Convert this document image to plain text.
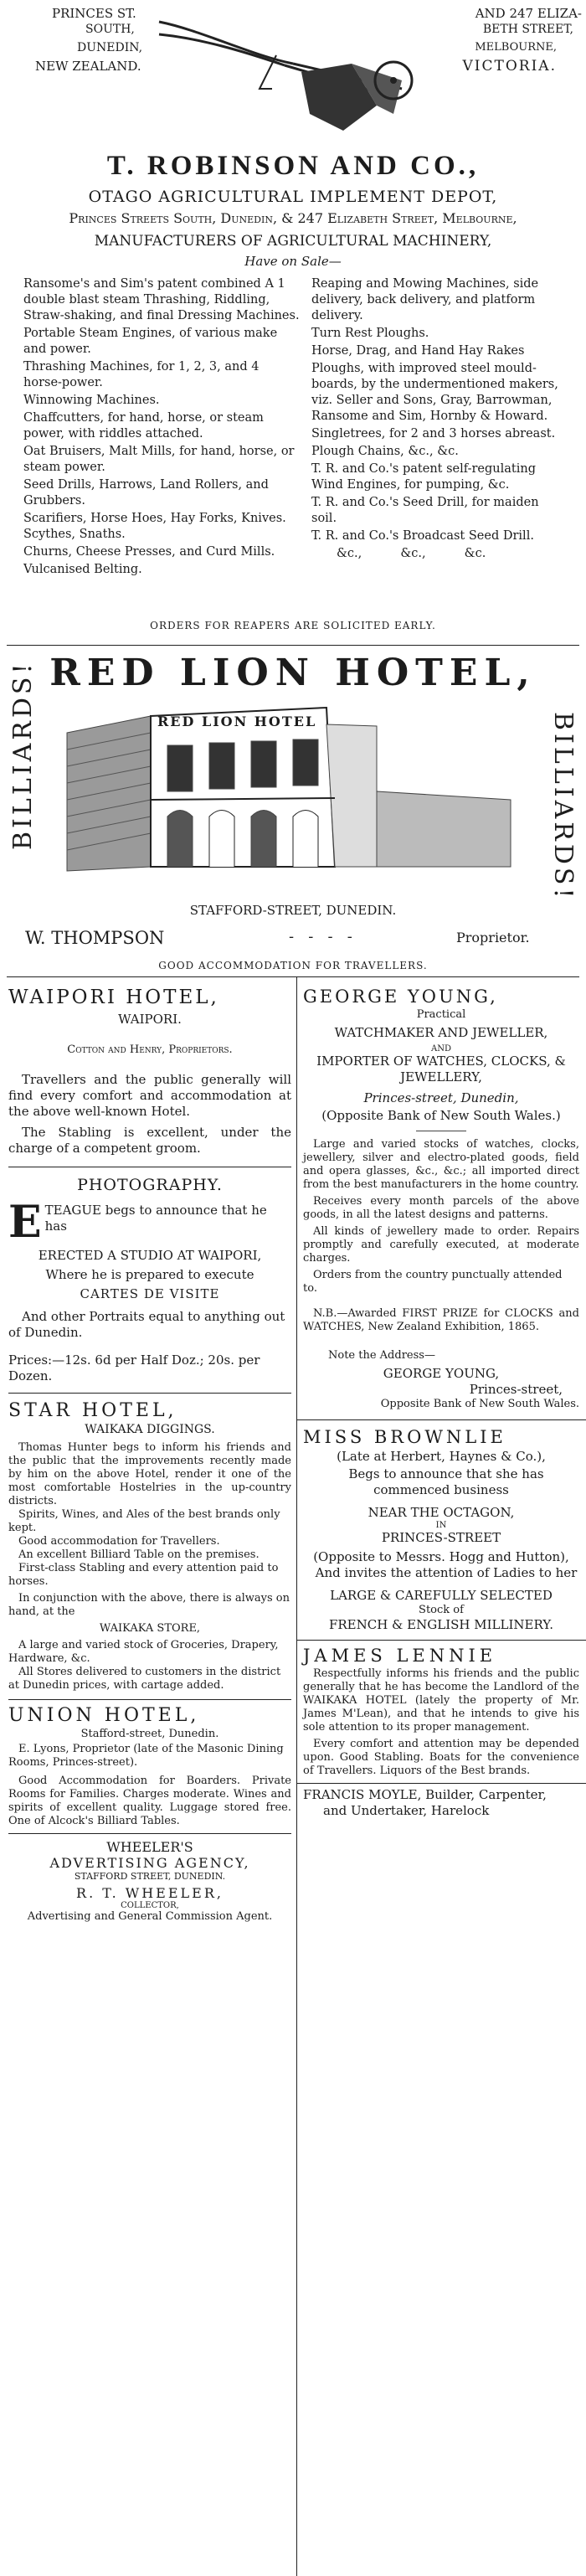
PRINCES ST.
SOUTH,
DUNEDIN,
NEW ZEALAND.
AND 247 ELIZA-
BETH STREET,
MELBOURNE,
VICTORIA.
T. ROBINSON AND CO.,
OTAGO AGRICULTURAL IMPLEMENT DEPOT,
Princes Streets South, Dunedin, & 247 Elizabeth Street, Melbourne,
MANUFACTURERS OF AGRICULTURAL MACHINERY,
Have on Sale—

Ransome's and Sim's patent combined A 1 double blast steam Thrashing, Riddling, Straw-shaking, and final Dressing Machines.

Portable Steam Engines, of various make and power.

Thrashing Machines, for 1, 2, 3, and 4 horse-power.

Winnowing Machines.

Chaffcutters, for hand, horse, or steam power, with riddles attached.

Oat Bruisers, Malt Mills, for hand, horse, or steam power.

Seed Drills, Harrows, Land Rollers, and Grubbers.

Scarifiers, Horse Hoes, Hay Forks, Knives. Scythes, Snaths.

Churns, Cheese Presses, and Curd Mills.

Vulcanised Belting.

Reaping and Mowing Machines, side delivery, back delivery, and platform delivery.

Turn Rest Ploughs.

Horse, Drag, and Hand Hay Rakes

Ploughs, with improved steel mould-boards, by the undermentioned makers, viz. Seller and Sons, Gray, Barrowman, Ransome and Sim, Hornby & Howard.

Singletrees, for 2 and 3 horses abreast.

Plough Chains, &c., &c.

T. R. and Co.'s patent self-regulating Wind Engines, for pumping, &c.

T. R. and Co.'s Seed Drill, for maiden soil.

T. R. and Co.'s Broadcast Seed Drill.

&c.,          &c.,          &c.

ORDERS FOR REAPERS ARE SOLICITED EARLY.
RED LION HOTEL,
BILLIARDS!	BILLIARDS!
RED LION HOTEL
STAFFORD-STREET, DUNEDIN.
W. THOMPSON	-   -   -   -	Proprietor.
GOOD ACCOMMODATION FOR TRAVELLERS.
WAIPORI HOTEL,
WAIPORI.
Cotton and Henry, Proprietors.

Travellers and the public generally will find every comfort and accommodation at the above well-known Hotel.

The Stabling is excellent, under the charge of a competent groom.

PHOTOGRAPHY.
E TEAGUE begs to announce that he has
ERECTED A STUDIO AT WAIPORI,
Where he is prepared to execute
CARTES DE VISITE

And other Portraits equal to anything out of Dunedin.

Prices:—12s. 6d per Half Doz.; 20s. per Dozen.

STAR HOTEL,
WAIKAKA DIGGINGS.

Thomas Hunter begs to inform his friends and the public that the improvements recently made by him on the above Hotel, render it one of the most comfortable Hostelries in the up-country districts.

Spirits, Wines, and Ales of the best brands only kept.

Good accommodation for Travellers.

An excellent Billiard Table on the premises.

First-class Stabling and every attention paid to horses.

In conjunction with the above, there is always on hand, at the

WAIKAKA STORE,

A large and varied stock of Groceries, Drapery, Hardware, &c.

All Stores delivered to customers in the district at Dunedin prices, with cartage added.

UNION HOTEL,
Stafford-street, Dunedin.

E. Lyons, Proprietor (late of the Masonic Dining Rooms, Princes-street).

Good Accommodation for Boarders. Private Rooms for Families. Charges moderate. Wines and spirits of excellent quality. Luggage stored free. One of Alcock's Billiard Tables.

WHEELER'S
ADVERTISING AGENCY,
STAFFORD STREET, DUNEDIN.
R. T. WHEELER,
COLLECTOR,
Advertising and General Commission Agent.
GEORGE YOUNG,
Practical
WATCHMAKER AND JEWELLER,
AND
IMPORTER OF WATCHES, CLOCKS, & JEWELLERY,
Princes-street, Dunedin,
(Opposite Bank of New South Wales.)

Large and varied stocks of watches, clocks, jewellery, silver and electro-plated goods, field and opera glasses, &c., &c.; all imported direct from the best manufacturers in the home country.

Receives every month parcels of the above goods, in all the latest designs and patterns.

All kinds of jewellery made to order. Repairs promptly and carefully executed, at moderate charges.

Orders from the country punctually attended to.

N.B.—Awarded FIRST PRIZE for CLOCKS and WATCHES, New Zealand Exhibition, 1865.

Note the Address—

GEORGE YOUNG,
Princes-street,
Opposite Bank of New South Wales.
MISS BROWNLIE
(Late at Herbert, Haynes & Co.),

Begs to announce that she has commenced business

NEAR THE OCTAGON,
IN
PRINCES-STREET
(Opposite to Messrs. Hogg and Hutton),

And invites the attention of Ladies to her

LARGE & CAREFULLY SELECTED
Stock of
FRENCH & ENGLISH MILLINERY.
JAMES LENNIE

Respectfully informs his friends and the public generally that he has become the Landlord of the WAIKAKA HOTEL (lately the property of Mr. James M'Lean), and that he intends to give his sole attention to its proper management.

Every comfort and attention may be depended upon. Good Stabling. Boats for the convenience of Travellers. Liquors of the Best brands.

FRANCIS MOYLE, Builder, Carpenter,
and Undertaker, Harelock
